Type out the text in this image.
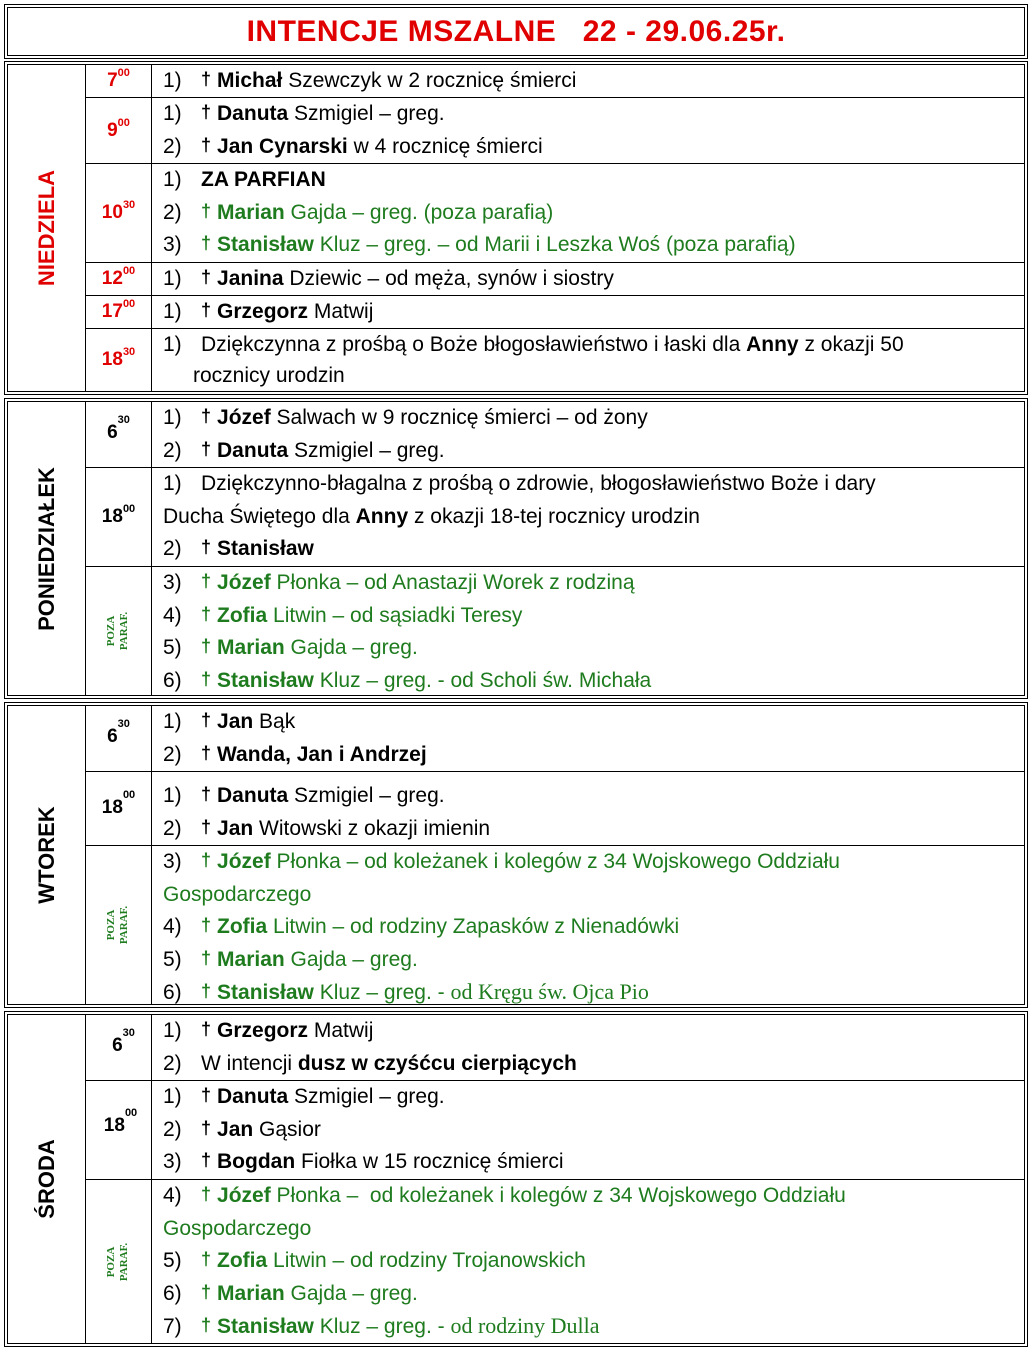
INTENCJE MSZALNE   22 - 29.06.25r.
NIEDZIELA
$7^{00}$ 1) † Michał Szewczyk w 2 rocznicę śmierci
$9^{00}$ 1) † Danuta Szmigiel – greg.
2) † Jan Cynarski w 4 rocznicę śmierci
$10^{30}$
1) ZA PARFIAN
2) † Marian Gajda – greg. (poza parafią)
3) † Stanisław Kluz – greg. – od Marii i Leszka Woś (poza parafią)
$12^{00}$ 1) † Janina Dziewic – od męża, synów i siostry
$17^{00}$ 1) † Grzegorz Matwij
$18^{30}$ 1) Dziękczynna z prośbą o Boże błogosławieństwo i łaski dla Anny z okazji 50
rocznicy urodzin
PONIEDZIAŁEK
6
$^{30}$ 1) † Józef Salwach w 9 rocznicę śmierci – od żony
2) † Danuta Szmigiel – greg.
$18^{00}$
1) Dziękczynno-błagalna z prośbą o zdrowie, błogosławieństwo Boże i dary
Ducha Świętego dla Anny z okazji 18-tej rocznicy urodzin
2) † Stanisław
POZA
PARAF.
3) † Józef Płonka – od Anastazji Worek z rodziną
4) † Zofia Litwin – od sąsiadki Teresy
5) † Marian Gajda – greg.
6) † Stanisław Kluz – greg. - od Scholi św. Michała
WTOREK
6
$^{30}$ 1) † Jan Bąk
2) † Wanda, Jan i Andrzej
18
$^{00}$ 1) † Danuta Szmigiel – greg.
2) † Jan Witowski z okazji imienin
POZA
PARAF.
3) † Józef Płonka – od koleżanek i kolegów z 34 Wojskowego Oddziału
Gospodarczego
4) † Zofia Litwin – od rodziny Zapasków z Nienadówki
5) † Marian Gajda – greg.
6) † Stanisław Kluz – greg. - od Kręgu św. Ojca Pio
ŚRODA
6
$^{30}$ 1) † Grzegorz Matwij
2) W intencji dusz w czyśćcu cierpiących
18
$^{00}$
1) † Danuta Szmigiel – greg.
2) † Jan Gąsior
3) † Bogdan Fiołka w 15 rocznicę śmierci
POZA
PARAF.
4) † Józef Płonka –  od koleżanek i kolegów z 34 Wojskowego Oddziału
Gospodarczego
5) † Zofia Litwin – od rodziny Trojanowskich
6) † Marian Gajda – greg.
7) † Stanisław Kluz – greg. - od rodziny Dulla
